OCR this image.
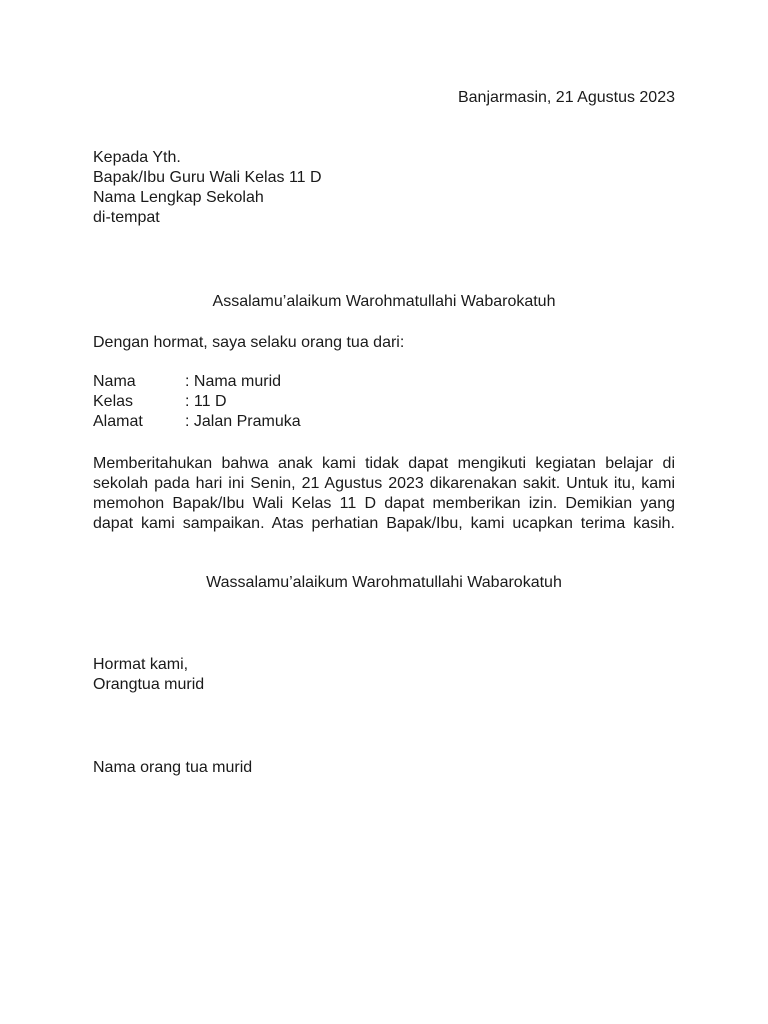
Banjarmasin, 21 Agustus 2023
Kepada Yth.
Bapak/Ibu Guru Wali Kelas 11 D
Nama Lengkap Sekolah
di-tempat
Assalamu’alaikum Warohmatullahi Wabarokatuh
Dengan hormat, saya selaku orang tua dari:
Nama	: Nama murid
Kelas	: 11 D
Alamat	: Jalan Pramuka
Memberitahukan bahwa anak kami tidak dapat mengikuti kegiatan belajar di sekolah pada hari ini Senin, 21 Agustus 2023 dikarenakan sakit. Untuk itu, kami memohon Bapak/Ibu Wali Kelas 11 D dapat memberikan izin. Demikian yang dapat kami sampaikan. Atas perhatian Bapak/Ibu, kami ucapkan terima kasih.
Wassalamu’alaikum Warohmatullahi Wabarokatuh
Hormat kami,
Orangtua murid
Nama orang tua murid
